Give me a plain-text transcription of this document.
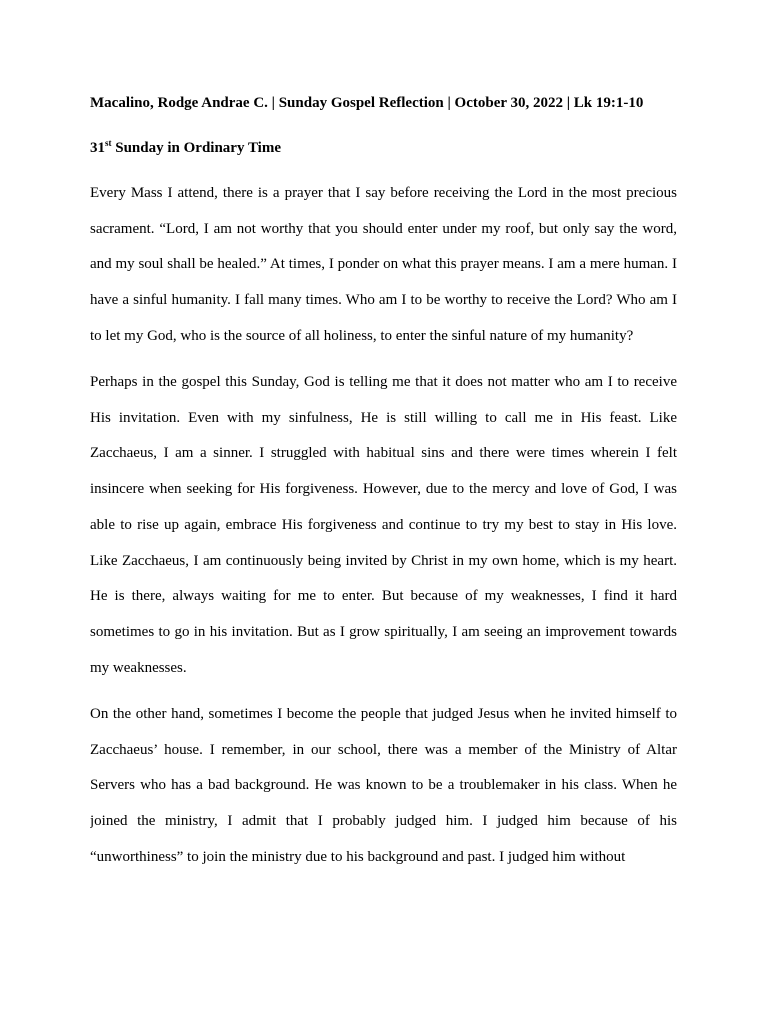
Macalino, Rodge Andrae C. | Sunday Gospel Reflection | October 30, 2022 | Lk 19:1-10
31st Sunday in Ordinary Time

Every Mass I attend, there is a prayer that I say before receiving the Lord in the most precious sacrament. “Lord, I am not worthy that you should enter under my roof, but only say the word, and my soul shall be healed.” At times, I ponder on what this prayer means. I am a mere human. I have a sinful humanity. I fall many times. Who am I to be worthy to receive the Lord? Who am I to let my God, who is the source of all holiness, to enter the sinful nature of my humanity?

Perhaps in the gospel this Sunday, God is telling me that it does not matter who am I to receive His invitation. Even with my sinfulness, He is still willing to call me in His feast. Like Zacchaeus, I am a sinner. I struggled with habitual sins and there were times wherein I felt insincere when seeking for His forgiveness. However, due to the mercy and love of God, I was able to rise up again, embrace His forgiveness and continue to try my best to stay in His love. Like Zacchaeus, I am continuously being invited by Christ in my own home, which is my heart. He is there, always waiting for me to enter. But because of my weaknesses, I find it hard sometimes to go in his invitation. But as I grow spiritually, I am seeing an improvement towards my weaknesses.

On the other hand, sometimes I become the people that judged Jesus when he invited himself to Zacchaeus’ house. I remember, in our school, there was a member of the Ministry of Altar Servers who has a bad background. He was known to be a troublemaker in his class. When he joined the ministry, I admit that I probably judged him. I judged him because of his “unworthiness” to join the ministry due to his background and past. I judged him without
